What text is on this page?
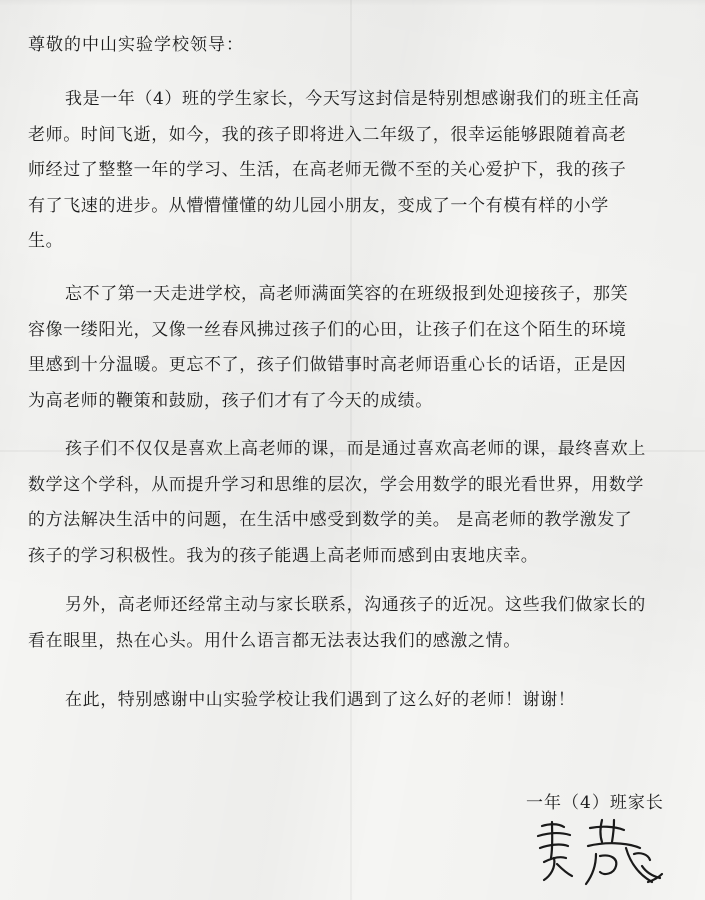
尊敬的中山实验学校领导：
我是一年（4）班的学生家长，今天写这封信是特别想感谢我们的班主任高
老师。时间飞逝，如今，我的孩子即将进入二年级了，很幸运能够跟随着高老
师经过了整整一年的学习、生活，在高老师无微不至的关心爱护下，我的孩子
有了飞速的进步。从懵懵懂懂的幼儿园小朋友，变成了一个有模有样的小学
生。
忘不了第一天走进学校，高老师满面笑容的在班级报到处迎接孩子，那笑
容像一缕阳光，又像一丝春风拂过孩子们的心田，让孩子们在这个陌生的环境
里感到十分温暖。更忘不了，孩子们做错事时高老师语重心长的话语，正是因
为高老师的鞭策和鼓励，孩子们才有了今天的成绩。
孩子们不仅仅是喜欢上高老师的课，而是通过喜欢高老师的课，最终喜欢上
数学这个学科，从而提升学习和思维的层次，学会用数学的眼光看世界，用数学
的方法解决生活中的问题，在生活中感受到数学的美。 是高老师的教学激发了
孩子的学习积极性。我为的孩子能遇上高老师而感到由衷地庆幸。
另外，高老师还经常主动与家长联系，沟通孩子的近况。这些我们做家长的
看在眼里，热在心头。用什么语言都无法表达我们的感激之情。
在此，特别感谢中山实验学校让我们遇到了这么好的老师！谢谢！
一年（4）班家长
